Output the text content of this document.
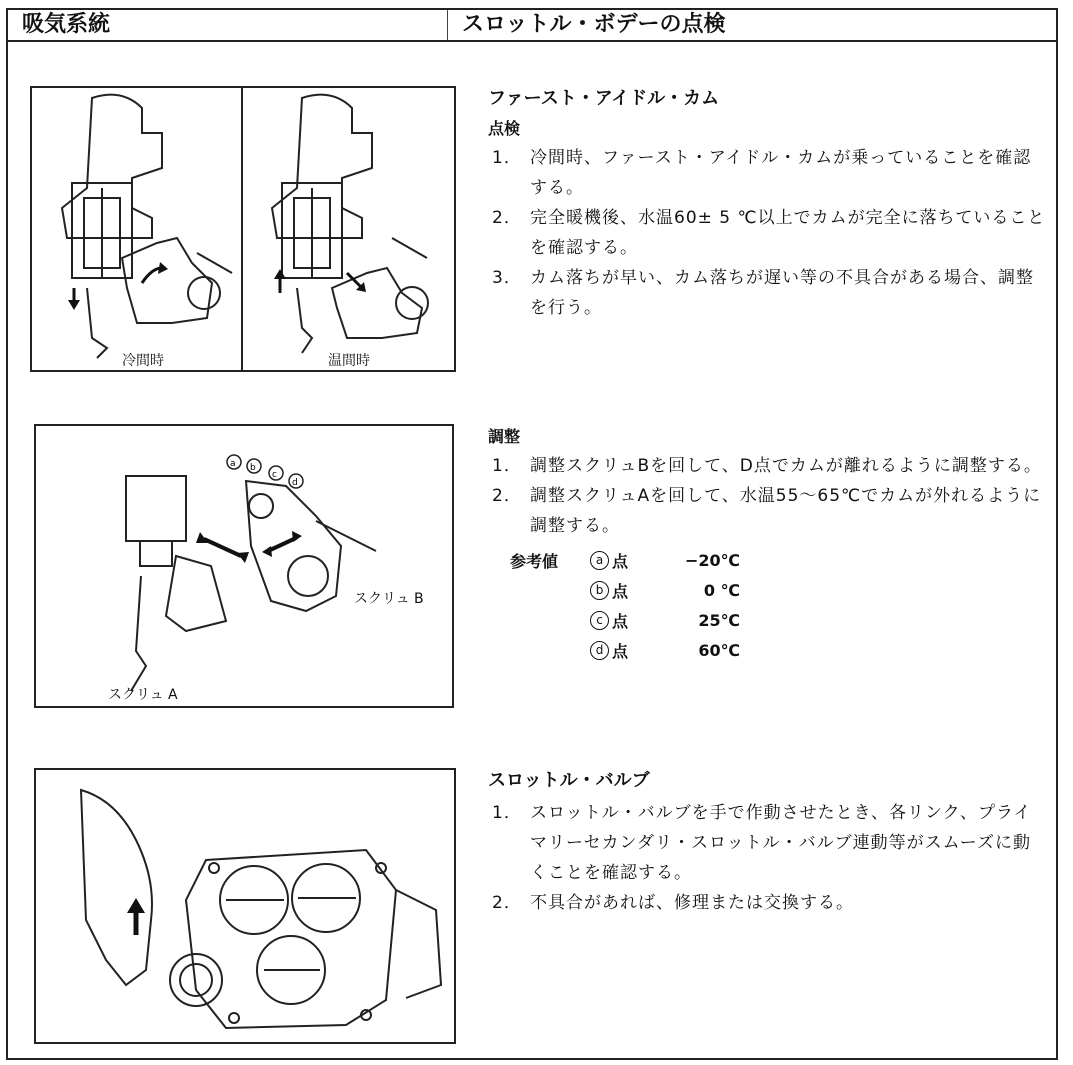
吸気系統	スロットル・ボデーの点検
冷間時	温間時
a b
c
d
スクリュ B
スクリュ A
ファースト・アイドル・カム
点検
1． 冷間時、ファースト・アイドル・カムが乗っていることを確認する。
2． 完全暖機後、水温60± 5 ℃以上でカムが完全に落ちていることを確認する。
3． カム落ちが早い、カム落ちが遅い等の不具合がある場合、調整を行う。
調整
1． 調整スクリュBを回して、D点でカムが離れるように調整する。
2． 調整スクリュAを回して、水温55～65℃でカムが外れるように調整する。
参考値	a 点	−20℃
b 点	0 ℃
c 点	25℃
d 点	60℃
スロットル・バルブ
1． スロットル・バルブを手で作動させたとき、各リンク、プライマリーセカンダリ・スロットル・バルブ連動等がスムーズに動くことを確認する。
2． 不具合があれば、修理または交換する。
